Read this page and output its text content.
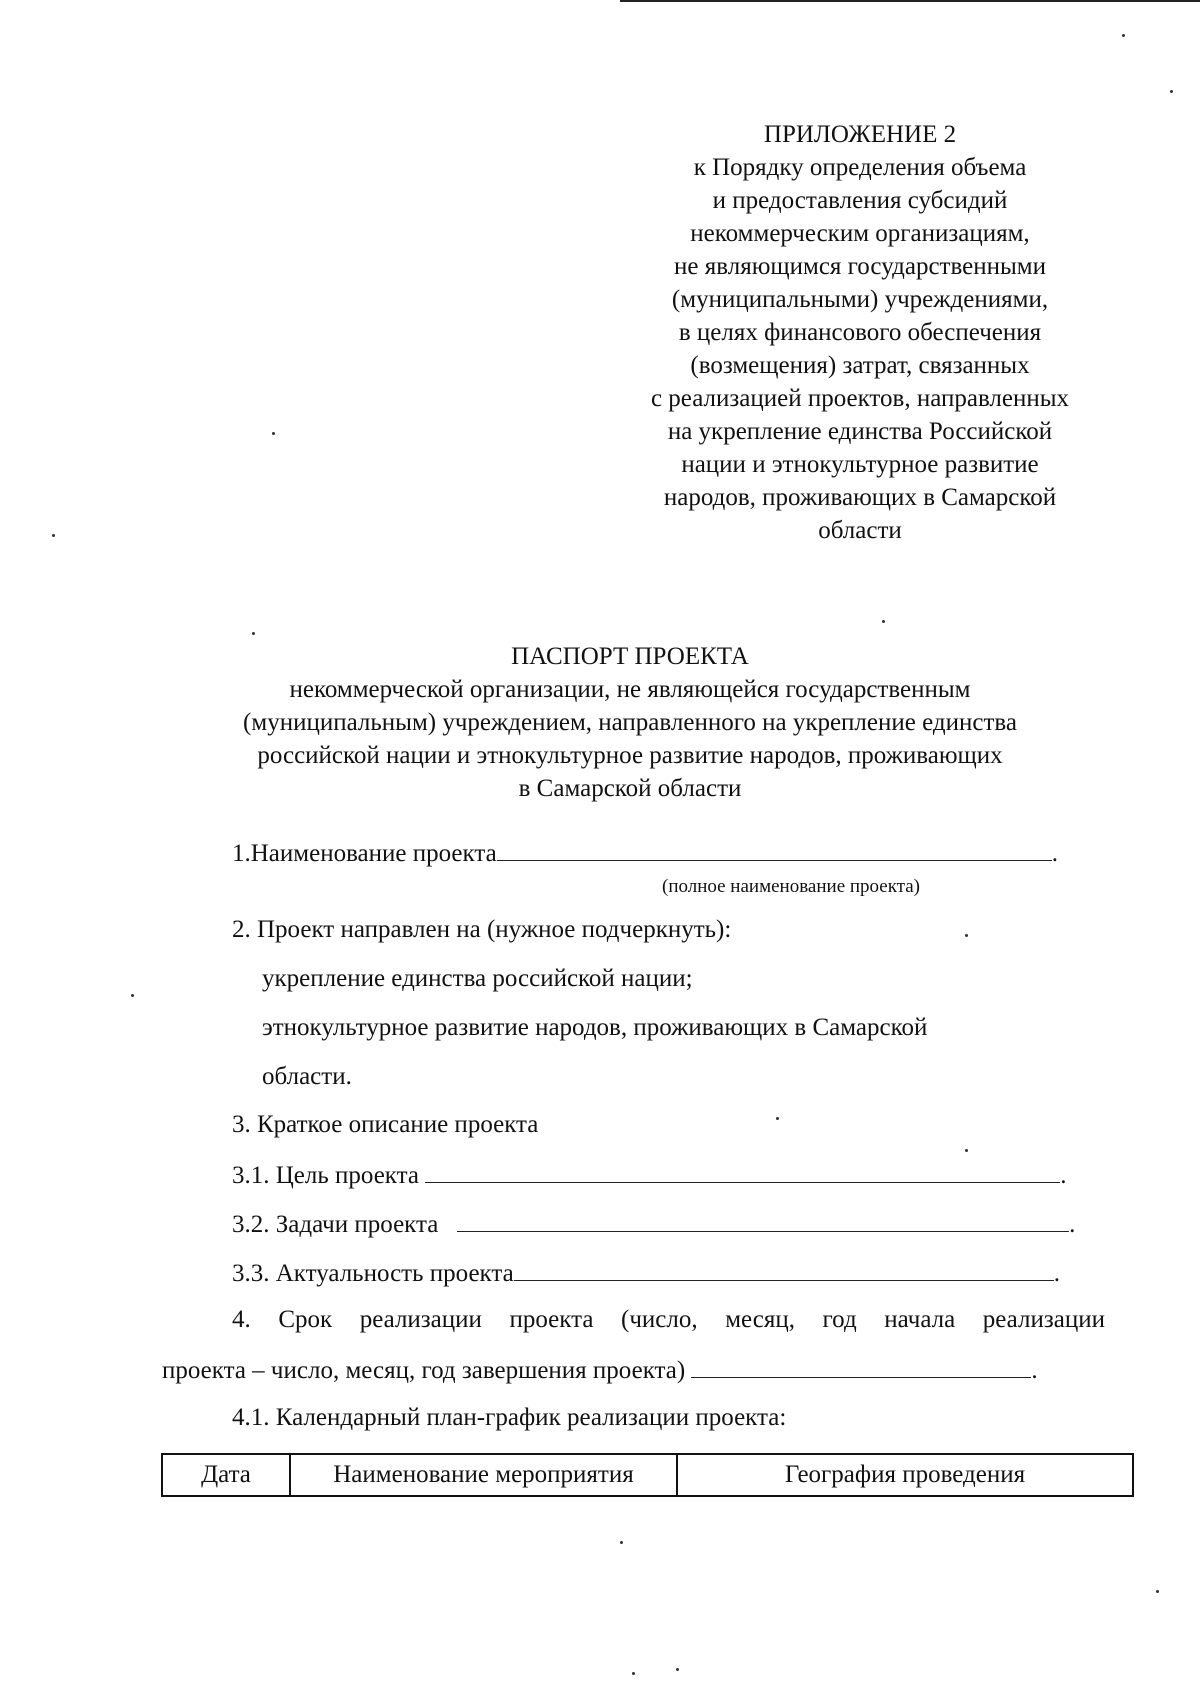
ПРИЛОЖЕНИЕ 2
к Порядку определения объема
и предоставления субсидий
некоммерческим организациям,
не являющимся государственными
(муниципальными) учреждениями,
в целях финансового обеспечения
(возмещения) затрат, связанных
с реализацией проектов, направленных
на укрепление единства Российской
нации и этнокультурное развитие
народов, проживающих в Самарской
области
ПАСПОРТ ПРОЕКТА
некоммерческой организации, не являющейся государственным
(муниципальным) учреждением, направленного на укрепление единства
российской нации и этнокультурное развитие народов, проживающих
в Самарской области
1.Наименование проекта	.
(полное наименование проекта)
2. Проект направлен на (нужное подчеркнуть):
укрепление единства российской нации;
этнокультурное развитие народов, проживающих в Самарской
области.
3. Краткое описание проекта
3.1. Цель проекта	.
3.2. Задачи проекта	.
3.3. Актуальность проекта	.
4. Срок реализации проекта (число, месяц, год начала реализации
проекта – число, месяц, год завершения проекта)	.
4.1. Календарный план-график реализации проекта:
Дата	Наименование мероприятия	География проведения
